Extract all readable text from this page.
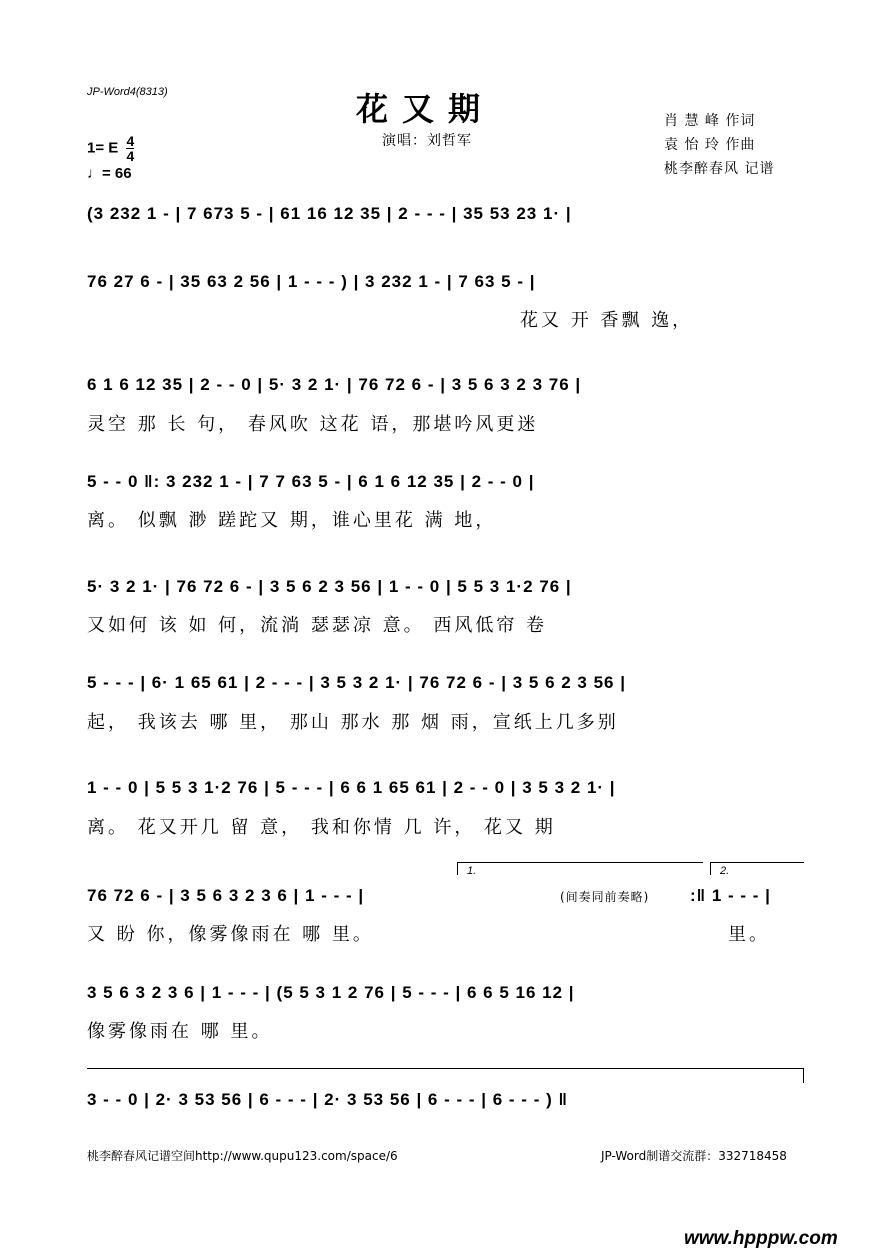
JP-Word4(8313)	花又期
演唱：刘哲军
肖 慧 峰 作词
袁 怡 玲 作曲
桃李醉春风 记谱
1= E $\frac{4}{4}$
♩= 66
(3 232 1 - | 7 673 5 - | 61 16 12 35 | 2 - - - | 35 53 23 1· |
76 27 6 - | 35 63 2 56 | 1 - - - ) | 3 232 1 - | 7 63 5 - |
花又 开 香飘 逸，
6 1 6 12 35 | 2 - - 0 | 5· 3 2 1· | 76 72 6 - | 3 5 6 3 2 3 76 |
灵空 那 长 句， 春风吹 这花 语，那堪吟风更迷
5 - - 0 ‖: 3 232 1 - | 7 7 63 5 - | 6 1 6 12 35 | 2 - - 0 |
离。 似飘 渺 蹉跎又 期，谁心里花 满 地，
5· 3 2 1· | 76 72 6 - | 3 5 6 2 3 56 | 1 - - 0 | 5 5 3 1·2 76 |
又如何 该 如 何，流淌 瑟瑟凉 意。 西风低帘 卷
5 - - - | 6· 1 65 61 | 2 - - - | 3 5 3 2 1· | 76 72 6 - | 3 5 6 2 3 56 |
起， 我该去 哪 里， 那山 那水 那 烟 雨，宣纸上几多别
1 - - 0 | 5 5 3 1·2 76 | 5 - - - | 6 6 1 65 61 | 2 - - 0 | 3 5 3 2 1· |
离。 花又开几 留 意， 我和你情 几 许， 花又 期
1.	2.
76 72 6 - | 3 5 6 3 2 3 6 | 1 - - - |	(间奏同前奏略) :‖ 1 - - - |
又 盼 你，像雾像雨在 哪 里。	里。
3 5 6 3 2 3 6 | 1 - - - | (5 5 3 1 2 76 | 5 - - - | 6 6 5 16 12 |
像雾像雨在 哪 里。
3 - - 0 | 2· 3 53 56 | 6 - - - | 2· 3 53 56 | 6 - - - | 6 - - - ) ‖
桃李醉春风记谱空间http://www.qupu123.com/space/6	JP-Word制谱交流群：332718458
www.hpppw.com
